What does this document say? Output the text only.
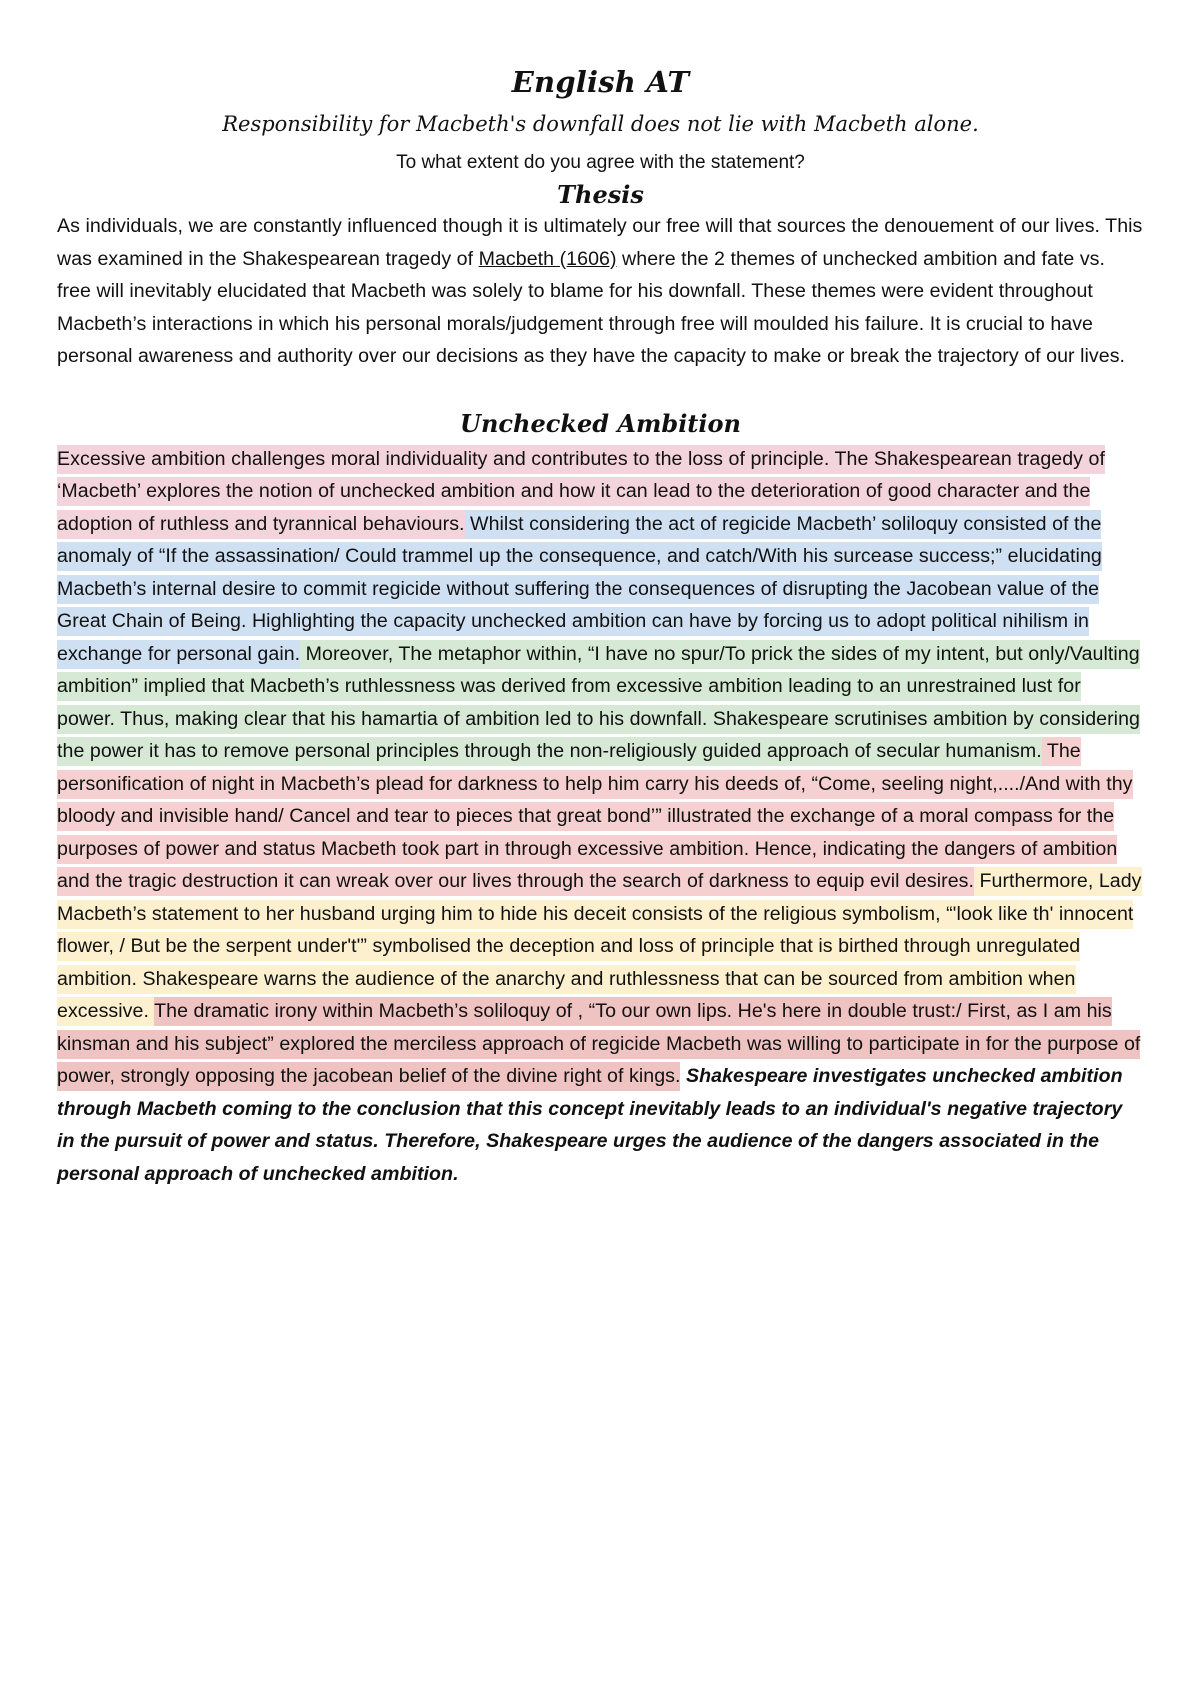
English AT
Responsibility for Macbeth's downfall does not lie with Macbeth alone.
To what extent do you agree with the statement?
Thesis

As individuals, we are constantly influenced though it is ultimately our free will that sources the denouement of our lives. This was examined in the Shakespearean tragedy of Macbeth (1606) where the 2 themes of unchecked ambition and fate vs. free will inevitably elucidated that Macbeth was solely to blame for his downfall. These themes were evident throughout Macbeth’s interactions in which his personal morals/judgement through free will moulded his failure. It is crucial to have personal awareness and authority over our decisions as they have the capacity to make or break the trajectory of our lives.

Unchecked Ambition

Excessive ambition challenges moral individuality and contributes to the loss of principle. The Shakespearean tragedy of ‘Macbeth’ explores the notion of unchecked ambition and how it can lead to the deterioration of good character and the adoption of ruthless and tyrannical behaviours. Whilst considering the act of regicide Macbeth’ soliloquy consisted of the anomaly of “If the assassination/ Could trammel up the consequence, and catch/With his surcease success;” elucidating Macbeth’s internal desire to commit regicide without suffering the consequences of disrupting the Jacobean value of the Great Chain of Being. Highlighting the capacity unchecked ambition can have by forcing us to adopt political nihilism in exchange for personal gain. Moreover, The metaphor within, “I have no spur/To prick the sides of my intent, but only/Vaulting ambition” implied that Macbeth’s ruthlessness was derived from excessive ambition leading to an unrestrained lust for power. Thus, making clear that his hamartia of ambition led to his downfall. Shakespeare scrutinises ambition by considering the power it has to remove personal principles through the non-religiously guided approach of secular humanism. The personification of night in Macbeth’s plead for darkness to help him carry his deeds of, “Come, seeling night,..../And with thy bloody and invisible hand/ Cancel and tear to pieces that great bond’” illustrated the exchange of a moral compass for the purposes of power and status Macbeth took part in through excessive ambition. Hence, indicating the dangers of ambition and the tragic destruction it can wreak over our lives through the search of darkness to equip evil desires. Furthermore, Lady Macbeth’s statement to her husband urging him to hide his deceit consists of the religious symbolism, “'look like th' innocent flower, / But be the serpent under't'” symbolised the deception and loss of principle that is birthed through unregulated ambition. Shakespeare warns the audience of the anarchy and ruthlessness that can be sourced from ambition when excessive. The dramatic irony within Macbeth’s soliloquy of , “To our own lips. He's here in double trust:/ First, as I am his kinsman and his subject” explored the merciless approach of regicide Macbeth was willing to participate in for the purpose of power, strongly opposing the jacobean belief of the divine right of kings. Shakespeare investigates unchecked ambition through Macbeth coming to the conclusion that this concept inevitably leads to an individual's negative trajectory in the pursuit of power and status. Therefore, Shakespeare urges the audience of the dangers associated in the personal approach of unchecked ambition.
